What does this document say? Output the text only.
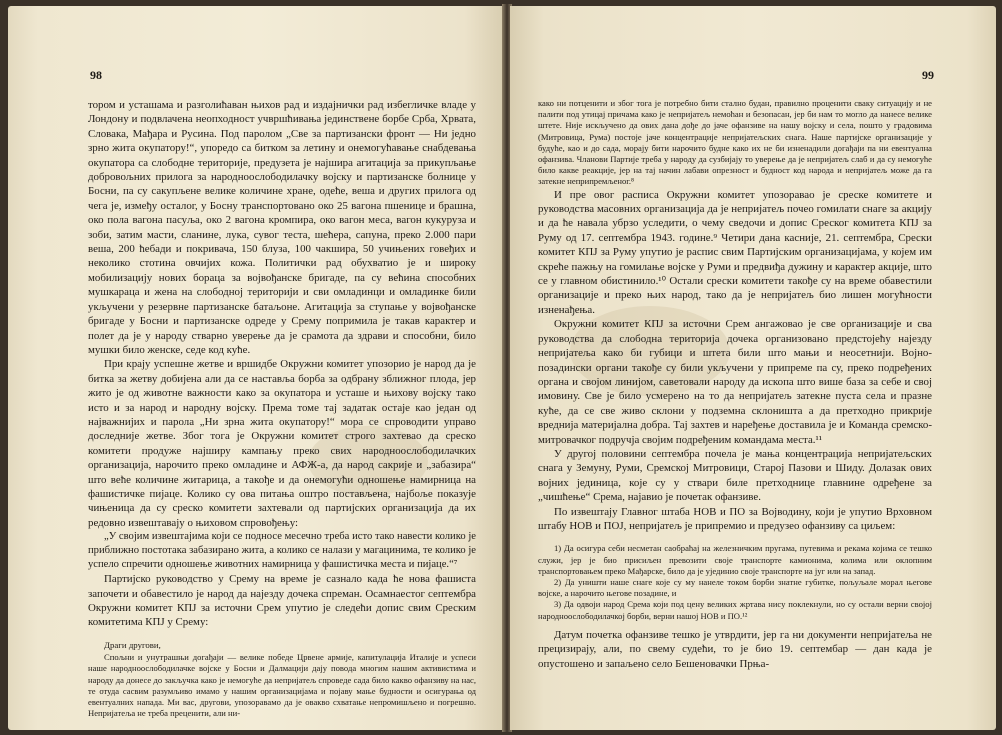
98

тором и усташама и разголићаван њихов рад и издајнички рад избегличке владе у Лондону и подвлачена неопходност учвршћивања јединствене борбе Срба, Хрвата, Словака, Мађара и Русина. Под паролом „Све за партизански фронт — Ни једно зрно жита окупатору!“, упоредо са битком за летину и онемогућавање снабдевања окупатора са слободне територије, предузета је најшира агитација за прикупљање добровољних прилога за народноослободилачку војску и партизанске болнице у Босни, па су сакупљене велике количине хране, одеће, веша и других прилога од чега је, између осталог, у Босну транспортовано око 25 вагона пшенице и брашна, око пола вагона пасуља, око 2 вагона кромпира, око вагон меса, вагон кукуруза и зоби, затим масти, сланине, лука, сувог теста, шећера, сапуна, преко 2.000 пари веша, 200 ћебади и покривача, 150 блуза, 100 чакшира, 50 учињених говеђих и неколико стотина овчијих кожа. Политички рад обухватио је и широку мобилизацију нових бораца за војвођанске бригаде, па су већина способних мушкараца и жена на слободној територији и сви омладинци и омладинке били укључени у резервне партизанске батаљоне. Агитација за ступање у војвођанске бригаде у Босни и партизанске одреде у Срему попримила је такав карактер и полет да је у народу стварно уверење да је срамота да здрави и способни, било мушки било женске, седе код куће.

При крају успешне жетве и вршидбе Окружни комитет упозорио је народ да је битка за жетву добијена али да се наставља борба за одбрану зближног плода, јер жито је од животне важности како за окупатора и усташе и њихову војску тако исто и за народ и народну војску. Према томе тај задатак остаје као један од најважнијих и парола „Ни зрна жита окупатору!“ мора се спроводити управо доследније жетве. Због тога је Окружни комитет строго захтевао да среско комитети продуже најширу кампању преко свих народноослободилачких организација, нарочито преко омладине и АФЖ-а, да народ сакрије и „забазира“ што веће количине житарица, а такође и да онемогући одношење намирница на фашистичке пијаце. Колико су ова питања оштро постављена, најбоље показује чињеница да су среско комитети захтевали од партијских организација да их редовно извештавају о њиховом спровођењу:

„У својим извештајима који се подносе месечно треба исто тако навести колико је приближно постотака забазирано жита, а колико се налази у магацинима, те колико је успело спречити одношење животних намирница у фашистичка места и пијаце.“⁷

Партијско руководство у Срему на време је сазнало када ће нова фашиста започети и обавестило је народ да најезду дочека спреман. Осамнаестог септембра Окружни комитет КПЈ за источни Срем упутио је следећи допис свим Среским комитетима КПЈ у Срему:

Драги другови,

Спољни и унутрашњи догађаји — велике победе Црвене армије, капитулација Италије и успеси наше народноослободилачке војске у Босни и Далмацији дају повода многим нашим активистима и народу да донесе до закључка како је немогуће да непријатељ спроведе сада било какво офанзиву на нас, те отуда сасвим разумљиво имамо у нашим организацијама и појаву мање будности и осигурања од евентуалних напада. Ми вас, другови, упозоравамо да је овакво схватање непромишљено и погрешно. Непријатеља не треба преценити, али ни-

99

како ни потценити и због тога је потребно бити стално будан, правилно проценити сваку ситуацију и не палити под утицај причама како је непријатељ немоћан и безопасан, јер би нам то могло да нанесе велике штете. Није искључено да ових дана дође до јаче офанзиве на нашу војску и села, пошто у градовима (Митровица, Рума) постоје јаче концентрације непријатељских снага. Наше партијске организације у будуће, као и до сада, морају бити нарочито будне како их не би изненадили догађаји па ни евентуална офанзива. Чланови Партије треба у народу да сузбијају то уверење да је непријатељ слаб и да су немогуће било какве реакције, јер на тај начин лабави опрезност и будност код народа и непријатељ може да га затекне неприпремљеног.⁸

И пре овог расписа Окружни комитет упозоравао је среске комитете и руководства масовних организација да је непријатељ почео гомилати снаге за акцију и да ће навала убрзо уследити, о чему сведочи и допис Среског комитета КПЈ за Руму од 17. септембра 1943. године.⁹ Четири дана касније, 21. септембра, Срески комитет КПЈ за Руму упутио је распис свим Партијским организацијама, у којем им скреће пажњу на гомилање војске у Руми и предвиђа дужину и карактер акције, што се у главном обистинило.¹⁰ Остали срески комитети такође су на време обавестили организације и преко њих народ, тако да је непријатељ био лишен могућности изненађења.

Окружни комитет КПЈ за источни Срем ангажовао је све организације и сва руководства да слободна територија дочека организовано предстојећу најезду непријатеља како би губици и штета били што мањи и неосетнији. Војно-позадински органи такође су били укључени у припреме па су, преко подређених органа и својом линијом, саветовали народу да ископа што више база за себе и свој имовину. Све је било усмерено на то да непријатељ затекне пуста села и празне куће, да се све живо склони у подземна склоништа а да претходно прикрије вреднија материјална добра. Тај захтев и наређење доставила је и Команда сремско-митровачког подручја својим подређеним командама места.¹¹

У другој половини септембра почела је мања концентрација непријатељских снага у Земуну, Руми, Сремској Митровици, Старој Пазови и Шиду. Долазак ових војних јединица, које су у ствари биле претходнице главнине одређене за „чишћење“ Срема, најавио је почетак офанзиве.

По извештају Главног штаба НОВ и ПО за Војводину, који је упутио Врховном штабу НОВ и ПОЈ, непријатељ је припремио и предузео офанзиву са циљем:

1) Да осигура себи несметан саобраћај на железничким пругама, путевима и рекама којима се тешко служи, јер је био присиљен превозити своје транспорте камионима, колима или оклопним транспортовањем преко Мађарске, било да је ујединио своје транспорте на југ или на запад.

2) Да уништи наше снаге које су му нанеле током борби знатне губитке, пољуљале морал његове војске, а нарочито његове позадине, и

3) Да одвоји народ Срема који под цену великих жртава нису поклекнули, но су остали верни својој народноослободилачкој борби, верни нашој НОВ и ПО.¹²

Датум почетка офанзиве тешко је утврдити, јер га ни документи непријатеља не прецизирају, али, по свему судећи, то је био 19. септембар — дан када је опустошено и запаљено село Бешеновачки Прња-
